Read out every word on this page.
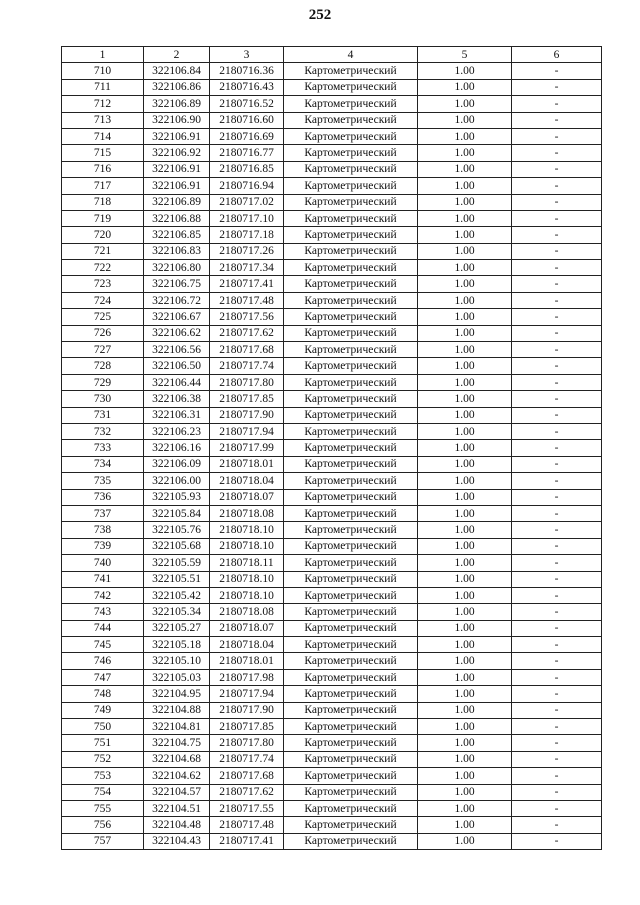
252
1	2	3	4	5	6
710	322106.84	2180716.36	Картометрический	1.00	-
711	322106.86	2180716.43	Картометрический	1.00	-
712	322106.89	2180716.52	Картометрический	1.00	-
713	322106.90	2180716.60	Картометрический	1.00	-
714	322106.91	2180716.69	Картометрический	1.00	-
715	322106.92	2180716.77	Картометрический	1.00	-
716	322106.91	2180716.85	Картометрический	1.00	-
717	322106.91	2180716.94	Картометрический	1.00	-
718	322106.89	2180717.02	Картометрический	1.00	-
719	322106.88	2180717.10	Картометрический	1.00	-
720	322106.85	2180717.18	Картометрический	1.00	-
721	322106.83	2180717.26	Картометрический	1.00	-
722	322106.80	2180717.34	Картометрический	1.00	-
723	322106.75	2180717.41	Картометрический	1.00	-
724	322106.72	2180717.48	Картометрический	1.00	-
725	322106.67	2180717.56	Картометрический	1.00	-
726	322106.62	2180717.62	Картометрический	1.00	-
727	322106.56	2180717.68	Картометрический	1.00	-
728	322106.50	2180717.74	Картометрический	1.00	-
729	322106.44	2180717.80	Картометрический	1.00	-
730	322106.38	2180717.85	Картометрический	1.00	-
731	322106.31	2180717.90	Картометрический	1.00	-
732	322106.23	2180717.94	Картометрический	1.00	-
733	322106.16	2180717.99	Картометрический	1.00	-
734	322106.09	2180718.01	Картометрический	1.00	-
735	322106.00	2180718.04	Картометрический	1.00	-
736	322105.93	2180718.07	Картометрический	1.00	-
737	322105.84	2180718.08	Картометрический	1.00	-
738	322105.76	2180718.10	Картометрический	1.00	-
739	322105.68	2180718.10	Картометрический	1.00	-
740	322105.59	2180718.11	Картометрический	1.00	-
741	322105.51	2180718.10	Картометрический	1.00	-
742	322105.42	2180718.10	Картометрический	1.00	-
743	322105.34	2180718.08	Картометрический	1.00	-
744	322105.27	2180718.07	Картометрический	1.00	-
745	322105.18	2180718.04	Картометрический	1.00	-
746	322105.10	2180718.01	Картометрический	1.00	-
747	322105.03	2180717.98	Картометрический	1.00	-
748	322104.95	2180717.94	Картометрический	1.00	-
749	322104.88	2180717.90	Картометрический	1.00	-
750	322104.81	2180717.85	Картометрический	1.00	-
751	322104.75	2180717.80	Картометрический	1.00	-
752	322104.68	2180717.74	Картометрический	1.00	-
753	322104.62	2180717.68	Картометрический	1.00	-
754	322104.57	2180717.62	Картометрический	1.00	-
755	322104.51	2180717.55	Картометрический	1.00	-
756	322104.48	2180717.48	Картометрический	1.00	-
757	322104.43	2180717.41	Картометрический	1.00	-
